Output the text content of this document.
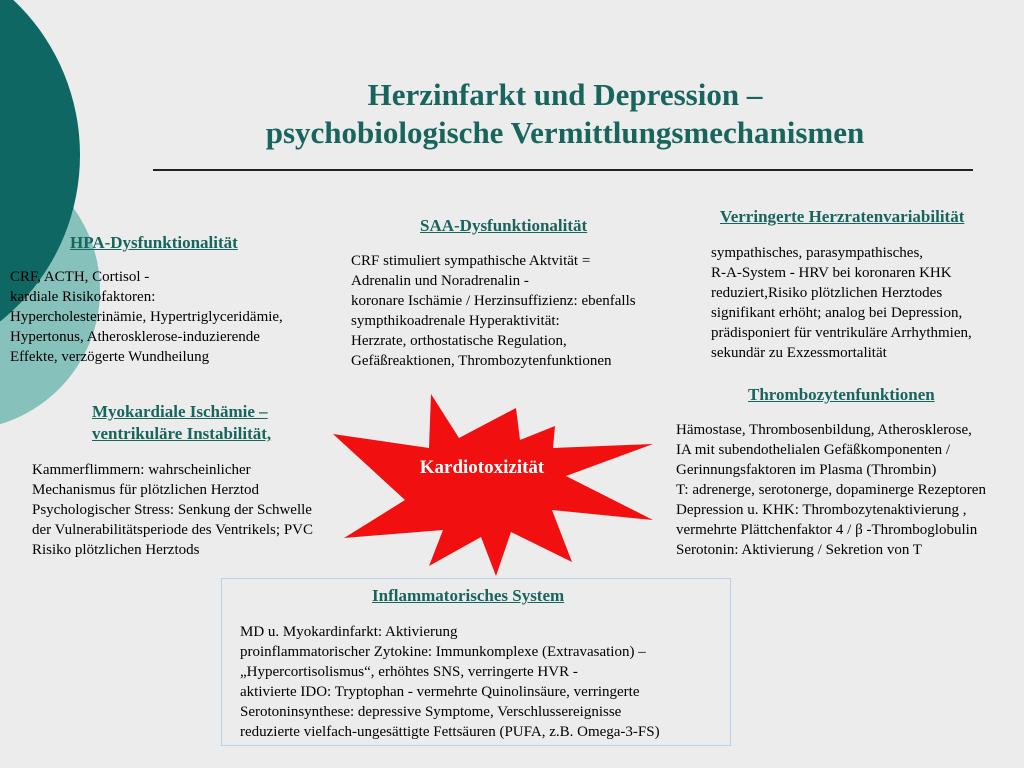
Herzinfarkt und Depression –
psychobiologische Vermittlungsmechanismen
HPA-Dysfunktionalität
CRF, ACTH, Cortisol -
kardiale Risikofaktoren:
Hypercholesterinämie, Hypertriglyceridämie,
Hypertonus, Atherosklerose-induzierende
Effekte, verzögerte Wundheilung
SAA-Dysfunktionalität
CRF stimuliert sympathische Aktvität =
Adrenalin und Noradrenalin -
koronare Ischämie / Herzinsuffizienz: ebenfalls
sympthikoadrenale Hyperaktivität:
Herzrate, orthostatische Regulation,
Gefäßreaktionen, Thrombozytenfunktionen
Verringerte Herzratenvariabilität
sympathisches, parasympathisches,
R-A-System - HRV bei koronaren KHK
reduziert,Risiko plötzlichen Herztodes
signifikant erhöht; analog bei Depression,
prädisponiert für ventrikuläre Arrhythmien,
sekundär zu Exzessmortalität
Myokardiale Ischämie –
ventrikuläre Instabilität,
Kammerflimmern: wahrscheinlicher
Mechanismus für plötzlichen Herztod
Psychologischer Stress: Senkung der Schwelle
der Vulnerabilitätsperiode des Ventrikels; PVC
Risiko plötzlichen Herztods
Kardiotoxizität
Thrombozytenfunktionen
Hämostase, Thrombosenbildung, Atherosklerose,
IA mit subendothelialen Gefäßkomponenten /
Gerinnungsfaktoren im Plasma (Thrombin)
T: adrenerge, serotonerge, dopaminerge Rezeptoren
Depression u. KHK: Thrombozytenaktivierung ,
vermehrte Plättchenfaktor 4 / β -Thromboglobulin
Serotonin: Aktivierung / Sekretion von T
Inflammatorisches System
MD u. Myokardinfarkt: Aktivierung
proinflammatorischer Zytokine: Immunkomplexe (Extravasation) –
„Hypercortisolismus“, erhöhtes SNS, verringerte HVR -
aktivierte IDO: Tryptophan - vermehrte Quinolinsäure, verringerte
Serotoninsynthese: depressive Symptome, Verschlussereignisse
reduzierte vielfach-ungesättigte Fettsäuren (PUFA, z.B. Omega-3-FS)
